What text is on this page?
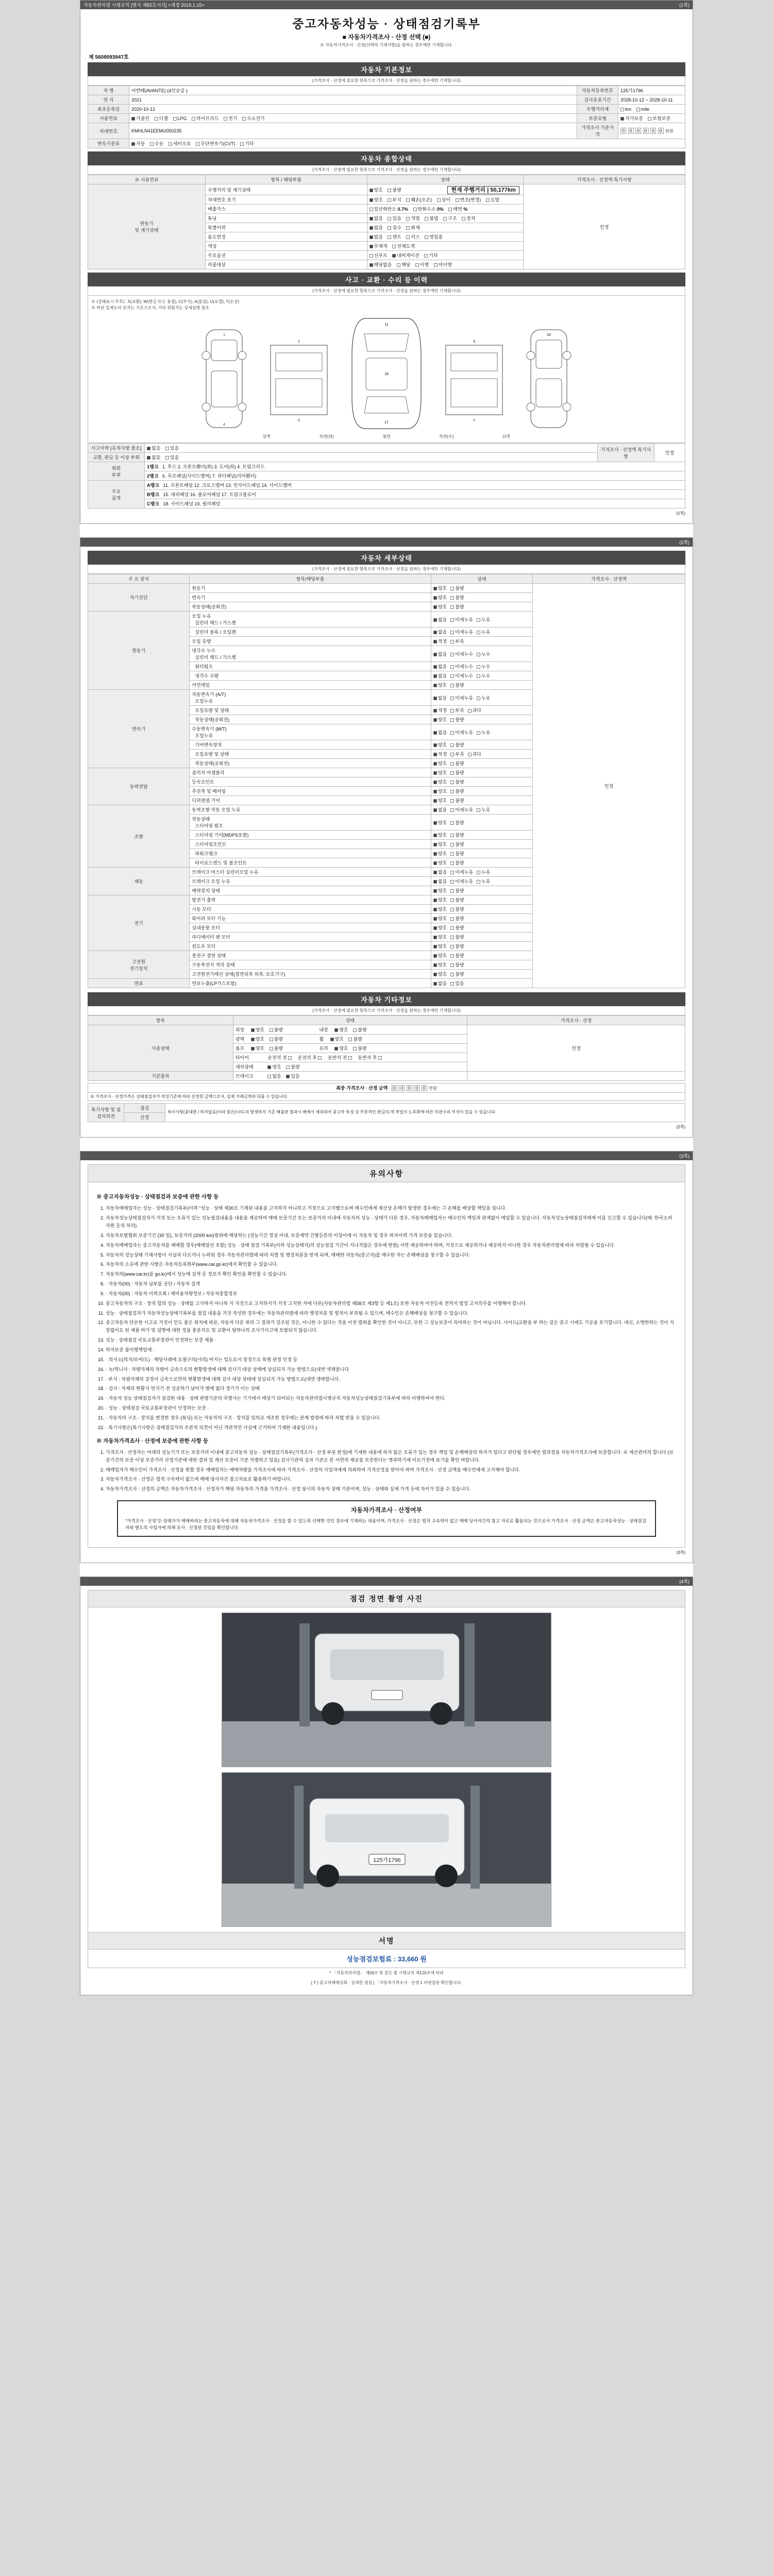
자동차관리법 시행규칙 [별지 제82호서식] <개정 2019.1.15>	(1쪽)
중고자동차성능 · 상태점검기록부
■ 자동차가격조사 · 산정 선택 (■)
※ 자동차가격조사 · 산정(선택적 기재사항)을 원하는 경우에만 기재합니다.
제 5608093947호
자동차 기본정보
(가격조사 · 산정에 필요한 항목으로 가격조사 · 산정을 원하는 경우에만 기재합니다)
차 명	아반떼(AVANTE) (4인승급 )	자동차등록번호	125가1796
연 식	2021	검사유효기간	2028-10-12 ~ 2028-10-11
최초등록일	2020-10-12	주행거리계	km mile
사용연료	가솔린 디젤 LPG 하이브리드 전기 수소전기	보증유형	자가보증 보험보증
차대번호	KMHLN41EEMU050235	가격조사 기준가격	0 0 0 0 0 0 만원
변속기종류	자동 수동 세미오토 무단변속기(CVT) 기타		
자동차 종합상태
(가격조사 · 산정에 필요한 항목으로 가격조사 · 산정을 원하는 경우에만 기재합니다)
※ 사용연료	항목 / 해당부품	상태	가격조사 · 산정액 특기사항
원동기
및 계기상태	주행거리 및 계기상태	양호 불량 현재 주행거리 | 50,177km	인정
	차대번호 표기	양호 부식 훼손(오손) 상이 변조(변경) 도말	
	배출가스	일산화탄소 0.7% 탄화수소 0% 매연 %	
	튜닝	없음 있음 적법 불법 구조 장치	
	특별이력	없음 침수 화재	
	용도변경	없음 렌트 리스 영업용	
	색상	무채색 전체도색	
	주요옵션	선루프 내비게이션 기타	
	리콜대상	해당없음 해당 이행 미이행	
사고 · 교환 · 수리 등 이력
(가격조사 · 산정에 필요한 항목으로 가격조사 · 산정을 원하는 경우에만 기재합니다)
※ (상태표시 부호) : X(교환), W(판금 또는 용접), C(부식), A(흠집), U(요철), T(손상)
※ 하단 입체도의 숫자는 기준으로서, 기타 위험지는 상세설명 참조
1
4
2
6
11
16
17
3
7
10
앞쪽	측면(좌)	윗면	측면(우)	뒤쪽
사고이력 (유의사항 참조)	없음 있음	가격조사 · 산정액 특기사항	인정
교환, 판금 등 이상 부위	없음 있음		
외판
부위	1랭크 1. 후드 2. 프론트휀더(좌) 3. 도어(좌) 4. 트렁크리드		
	2랭크 6. 루프패널(사이드멤버) 7. 쿼터패널(리어휀더)		
주요
골격	A랭크 11. 프론트패널 12. 크로스멤버 13. 인사이드패널 14. 사이드멤버		
	B랭크 15. 대쉬패널 16. 플로어패널 17. 트렁크플로어		
	C랭크 18. 사이드패널 19. 필러패널		
(1쪽)

(2쪽)
자동차 세부상태
(가격조사 · 산정에 필요한 항목으로 가격조사 · 산정을 원하는 경우에만 기재합니다)
주 요 장치	항목/해당부품	상태	가격조사 · 산정액
자기진단	원동기	양호 불량	인정
	변속기	양호 불량	
	작동상태(공회전)	양호 불량	
원동기	오일 누유
실린더 헤드 / 가스켓	없음 미세누유 누유	
	실린더 블록 / 오일팬	없음 미세누유 누유	
	오일 유량	적정 부족	
	냉각수 누수
실린더 헤드 / 가스켓	없음 미세누수 누수	
	워터펌프	없음 미세누수 누수	
	냉각수 수량	없음 미세누수 누수	
	커먼레일	양호 불량	
변속기	자동변속기 (A/T)
오일누유	없음 미세누유 누유	
	오일유량 및 상태	적정 부족 과다	
	작동상태(공회전)	양호 불량	
	수동변속기 (M/T)
오일누유	없음 미세누유 누유	
	기어변속장치	양호 불량	
	오일유량 및 상태	적정 부족 과다	
	작동상태(공회전)	양호 불량	
동력전달	클러치 어셈블리	양호 불량	
	등속조인트	양호 불량	
	추진축 및 베어링	양호 불량	
	디퍼렌셜 기어	양호 불량	
조향	동력조향 작동 오일 누유	없음 미세누유 누유	
	작동상태
스티어링 펌프	양호 불량	
	스티어링 기어(MDPS포함)	양호 불량	
	스티어링조인트	양호 불량	
	파워크랭크	양호 불량	
	타이로드엔드 및 볼조인트	양호 불량	
제동	브레이크 마스터 실린더오일 누유	없음 미세누유 누유	
	브레이크 오일 누유	없음 미세누유 누유	
	배력장치 상태	양호 불량	
전기	발전기 출력	양호 불량	
	시동 모터	양호 불량	
	와이퍼 모터 기능	양호 불량	
	실내송풍 모터	양호 불량	
	라디에이터 팬 모터	양호 불량	
	윈도우 모터	양호 불량	
고전원
전기장치	충전구 절연 상태	양호 불량	
	구동축전지 격리 상태	양호 불량	
	고전원전기배선 상태(접연피복 피복, 보호기구)	양호 불량	
연료	연료누출(LP가스포함)	없음 있음	
자동차 기타정보
(가격조사 · 산정에 필요한 항목으로 가격조사 · 산정을 원하는 경우에만 기재합니다)
항목	상태	가격조사 · 산정
사용상태	외장 양호 불량 내장 양호 불량	인정
	광택 양호 불량 휠 양호 불량	
	룸프 양호 불량 유리 양호 불량	
	타이어 운전석 전 운전석 후 동반석 전 동반석 후	
	세차상태 양호 불량	
기본품목	브레이크 없음 있음	
최종 가격조사 · 산정 금액 0 0 0 0 0 만원
※ 가격조사 · 산정가격은 상태점검자가 작성기준에 따라 산정한 금액으로서, 실제 거래금액과 다를 수 있습니다.
특기사항 및 점검자의견	점검	특이사항(중대한 / 하자없음)이라 함은(나/도의 발생하지 기준 배출관 결과시 배예서 제외되어 중고차 특성 상 부분적인 판금/도색 작업이 노후화에 따른 미관수리 부식이 있을 수 있습니다.
산정
(2쪽)

(3쪽)
유의사항
※ 중고자동차성능 · 상태점검과 보증에 관한 사항 등
1. 자동차매매업자는 성능 · 상태점검기록부(이하 "성능 · 상태 제30조 기재된 내용을 고지하지 아니하고 거짓으로 고지했으로써 매수인에게 재산상 손해가 발생한 경우에는 그 손해를 배상할 책임을 집니다.
2. 자동차성능상태점검자가 거짓 또는 오류가 있는 성능점검내용을 내용을 제공하여 매매 보증기간 또는 보증거리 이내에 자동차의 성능 · 상태가 다른 경우, 자동차매매업자는 매수인의 책임과 관계없이 매입할 수 있습니다. 자동차성능상태점검자에게 이를 신고할 수 있습니다(예: 한국소비자원 등의 처리).
3. 자동차보험협회 보증기간 (30 일), 보증거리 (2000 km)범위에 해당하는 (성능기간 정상 이내, 보증계약 건별등본의 이상이에 이 자동차 및 경우 하자이력 가격 보증을 있습니다.
4. 자동차매매업자는 중고자동차를 매매할 경우(매매알선 포함) 성능 · 상태 점검 기록부(이하 성능상태지)의 성능점검 기간이 지나지않은 경우에 한함) 서면 제공하여야 하며, 거짓으로 제공하거나 제공하지 아니한 경우 자동차관리법에 따라 처벌될 수 있습니다.
5. 자동차의 성능상태 기재사항이 사실과 다르거나 누락된 경우 자동차관리법에 따라 처벌 및 행정처분을 받게 되며, 매매한 자동차(중고차)를 매수한 자는 손해배상을 청구할 수 있습니다.
6. 자동차의 소유에 관한 사항은 자동차등록원부(www.car.go.kr)에서 확인할 수 있습니다.
7. 자동차의(www.car.kr)를 go.kr)에서 성능에 검색 등 정보가 확인 확인을 확인할 수 있습니다.
8. · 자동차(00) : 자동차 납부를 공단 / 자동차 검색
9. · 자동차(00) : 자동차 이력조회 / 제비용차량정보 / 자동차종합정보
10. 중고자동차의 구조 · 장치 합의 성능 · 상태를 고가하지 아니하 지 거짓으로 고지하지가 거짓 고지한 자에 다른(자동차관리법 제58조 제3항 등 제1조) 또한 자동차 이전등록 전까지 법정 고지의무를 이행해야 합니다.
11. 성능 · 상태점검자가 자동차성능상태기록부를 점검 내용을 거짓 작성한 경우에는 자동차관리법에 따라 행정처분 및 벌칙이 부과될 수 있으며, 매수인은 손해배상을 청구할 수 있습니다.
12. 중고자동차 단순한 시고로 거짓이 인도 좋은 위치에 따른, 자동차 다른 위의 그 결과가 강조된 것은, 아니한 수 있다는 것을 이전 범위를 확인한 것이 아니고, 또한 그 성능보증이 의미하는 것이 아닙니다. 사이드(교환을 부 하는 겉은 중고 시에도 기공을 포기합니다. 대신, 소명한하는 것이 지장없이도 된 제품 바가 및 설명에 대한 정을 충분치도 및 교환이 당하나의 조사기사고에 포함되지 않습니다.
13. 성능 · 상태점검 국토교통부장관이 인정하는 보증 제품 ·
14. 하자보증 불이행책임에 ·
15. · 의사소(의지/보여/도) · 해당사례에 요철구의(사의) 비지는 업도로서 장정으로 특별 판정 인정 등
16. · 녹/먹니사 : 차량자체의 차량이 금속으로의 현황발생에 대해 검사기 대상 상태에 상실되지 가능 방법으로(내면 색체참니다
17. · 부식 : 차량자체의 강정이 금속으로만의 현황발생에 대해 검사 대상 상태에 상실되지 가능 방법으로(내면 생략합니다.
18. · 검사 : 자체의 현황지 번지기 전 성공하기 남비가 별에 없다 경기가 이는 상태
19. · 자동차 성능 상태점검자가 점검한 내용 · 상태 판별기준의 국별사는 기기에서 매상기 되어되는 자동차관리법시행규칙 자동차성능상태점검기록부에 따라 이행하여야 한다.
20. · 성능 · 상태점검 국토교통부장관이 인정하는 보증 ·
21. · 자동차의 구조 · 장치를 변경한 경우 (튜닝) 또는 자동차의 구조 · 장치를 임의로 개조한 경우에는 관계 법령에 따라 처벌 받을 수 있습니다.
22. · 특기사항은(특기사항은 상태점검자의 주관적 의견이 아닌 객관적인 사실에 근거하여 기재한 내용입니다.)
※ 자동차가격조사 · 산정에 보증에 관한 사항 등
1. 가격조사 · 산정자는 아래의 성능기가 또는 보증거리 이내에 중고자동차 성능 · 상태점검기록부(가격조사 · 산정 부분 한정)에 기재한 내용에 하자 잃은 오류가 있는 경우 책임 및 손해배상의 하자가 있다고 판단될 경우에만 법과정을 자동차가격조사에 보증합니다. ※ 계산관리의 합니다 (보증기간의 보증 이상 보증거리 산정기준에 대한 결과 및 계산 보증이 기준 차별하고 있음) 검사기관의 실차 기준은 본 서면의 제공을 보증한다는 명과하기에 이르기전에 표기를 확인 바랍니다.
2. 매매업자가 매수인이 가격조사 · 산정을 원할 경우 매매업자는 매매차량을 가격조사에 따라 가격조사 · 산정의 사업자에게 의뢰하여 가격산정을 받아야 하며 가격조사 · 산정 금액을 매수인에게 고지해야 합니다.
3. 자동차가격조사 · 산정은 법적 구속력이 없으며 매매 당사자간 참고자료로 활용하기 바랍니다.
4. 자동차가격조사 · 산정의 금액은 자동차가격조사 · 산정자가 해당 자동차의 가격을 가격조사 · 산정 당시의 자동차 상태 기준이며, 성능 · 상태와 실제 가격 등에 차이가 있을 수 있습니다.
자동차가격조사 · 산정여부
"가격조사 · 산정"은 상태가가 매매하려는 중고자동차에 대해 자동차가격조사 · 산정을 할 수 있도록 선택한 것인 경우에 기재하는 내용이며, 가격조사 · 산정은 법적 구속력이 없고 매매 당사자간의 참고 자료로 활용되는 것으로서 가격조사 · 산정 금액은 중고자동차성능 · 상태점검자와 별도의 사업자에 의해 조사 · 산정된 것임을 확인합니다.
(3쪽)

(4쪽)
점검 정면 촬영 사진
125가1796
서명
성능점검보험료 : 33,660 원
* 「자동차관리법」 제58조 및 같은 법 시행규칙 제120조에 따라
[ Y ] 중고차매매상회 · 상세한 점검 | 「자동차가격조사 · 산정 1 비영업용 확인합니다.
